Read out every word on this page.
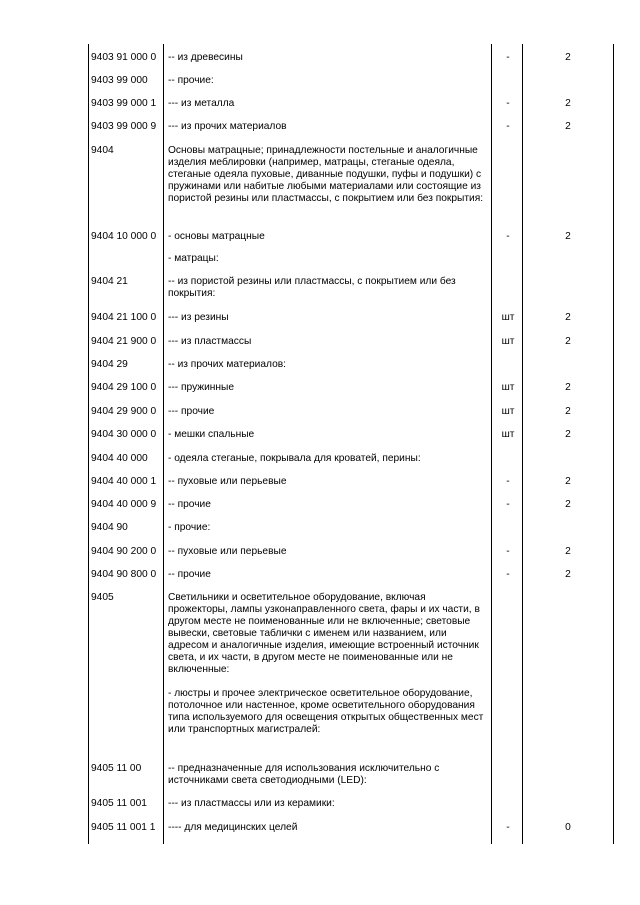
9403 91 000 0 -- из древесины	-	2
9403 99 000 -- прочие:
9403 99 000 1 --- из металла	-	2
9403 99 000 9 --- из прочих материалов	-	2
9404	Основы матрацные; принадлежности постельные и аналогичные изделия меблировки (например, матрацы, стеганые одеяла, стеганые одеяла пуховые, диванные подушки, пуфы и подушки) с пружинами или набитые любыми материалами или состоящие из пористой резины или пластмассы, с покрытием или без покрытия:
9404 10 000 0 - основы матрацные	-	2
- матрацы:
9404 21	-- из пористой резины или пластмассы, с покрытием или без покрытия:
9404 21 100 0 --- из резины	шт	2
9404 21 900 0 --- из пластмассы	шт	2
9404 29	-- из прочих материалов:
9404 29 100 0 --- пружинные	шт	2
9404 29 900 0 --- прочие	шт	2
9404 30 000 0 - мешки спальные	шт	2
9404 40 000 - одеяла стеганые, покрывала для кроватей, перины:
9404 40 000 1 -- пуховые или перьевые	-	2
9404 40 000 9 -- прочие	-	2
9404 90	- прочие:
9404 90 200 0 -- пуховые или перьевые	-	2
9404 90 800 0 -- прочие	-	2
9405	Светильники и осветительное оборудование, включая прожекторы, лампы узконаправленного света, фары и их части, в другом месте не поименованные или не включенные; световые вывески, световые таблички с именем или названием, или адресом и аналогичные изделия, имеющие встроенный источник света, и их части, в другом месте не поименованные или не включенные:
- люстры и прочее электрическое осветительное оборудование, потолочное или настенное, кроме осветительного оборудования типа используемого для освещения открытых общественных мест или транспортных магистралей:
9405 11 00	-- предназначенные для использования исключительно с источниками света светодиодными (LED):
9405 11 001 --- из пластмассы или из керамики:
9405 11 001 1 ---- для медицинских целей	-	0
